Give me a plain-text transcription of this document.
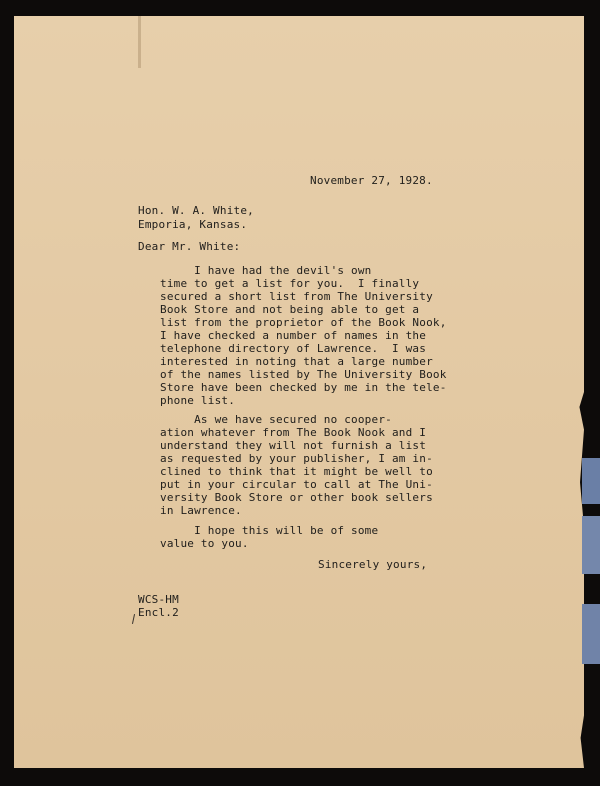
November 27, 1928.
Hon. W. A. White,
Emporia, Kansas.
Dear Mr. White:
I have had the devil's own
time to get a list for you.  I finally
secured a short list from The University
Book Store and not being able to get a
list from the proprietor of the Book Nook,
I have checked a number of names in the
telephone directory of Lawrence.  I was
interested in noting that a large number
of the names listed by The University Book
Store have been checked by me in the tele-
phone list.
As we have secured no cooper-
ation whatever from The Book Nook and I
understand they will not furnish a list
as requested by your publisher, I am in-
clined to think that it might be well to
put in your circular to call at The Uni-
versity Book Store or other book sellers
in Lawrence.
I hope this will be of some
value to you.
Sincerely yours,
WCS-HM
Encl.2
